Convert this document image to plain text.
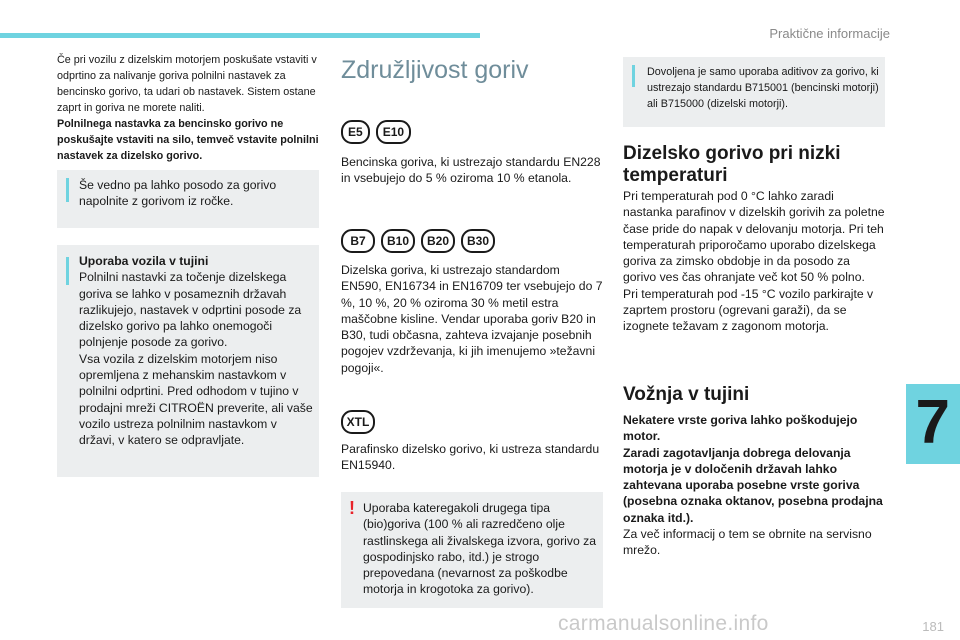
Praktične informacije
7

Če pri vozilu z dizelskim motorjem poskušate vstaviti v odprtino za nalivanje goriva polnilni nastavek za bencinsko gorivo, ta udari ob nastavek. Sistem ostane zaprt in goriva ne morete naliti.

Polnilnega nastavka za bencinsko gorivo ne poskušajte vstaviti na silo, temveč vstavite polnilni nastavek za dizelsko gorivo.

Še vedno pa lahko posodo za gorivo napolnite z gorivom iz ročke.

Uporaba vozila v tujini

Polnilni nastavki za točenje dizelskega goriva se lahko v posameznih državah razlikujejo, nastavek v odprtini posode za dizelsko gorivo pa lahko onemogoči polnjenje posode za gorivo.

Vsa vozila z dizelskim motorjem niso opremljena z mehanskim nastavkom v polnilni odprtini. Pred odhodom v tujino v prodajni mreži CITROËN preverite, ali vaše vozilo ustreza polnilnim nastavkom v državi, v katero se odpravljate.

Združljivost goriv
E5	E10

Bencinska goriva, ki ustrezajo standardu EN228 in vsebujejo do 5 % oziroma 10 % etanola.

B7	B10	B20	B30

Dizelska goriva, ki ustrezajo standardom EN590, EN16734 in EN16709 ter vsebujejo do 7 %, 10 %, 20 % oziroma 30 % metil estra maščobne kisline. Vendar uporaba goriv B20 in B30, tudi občasna, zahteva izvajanje posebnih pogojev vzdrževanja, ki jih imenujemo »težavni pogoji«.

XTL

Parafinsko dizelsko gorivo, ki ustreza standardu EN15940.

! Uporaba kateregakoli drugega tipa (bio)goriva (100 % ali razredčeno olje rastlinskega ali živalskega izvora, gorivo za gospodinjsko rabo, itd.) je strogo prepovedana (nevarnost za poškodbe motorja in krogotoka za gorivo).

Dovoljena je samo uporaba aditivov za gorivo, ki ustrezajo standardu B715001 (bencinski motorji) ali B715000 (dizelski motorji).

Dizelsko gorivo pri nizki temperaturi

Pri temperaturah pod 0 °C lahko zaradi nastanka parafinov v dizelskih gorivih za poletne čase pride do napak v delovanju motorja. Pri teh temperaturah priporočamo uporabo dizelskega goriva za zimsko obdobje in da posodo za gorivo ves čas ohranjate več kot 50 % polno.

Pri temperaturah pod -15 °C vozilo parkirajte v zaprtem prostoru (ogrevani garaži), da se izognete težavam z zagonom motorja.

Vožnja v tujini

Nekatere vrste goriva lahko poškodujejo motor.

Zaradi zagotavljanja dobrega delovanja motorja je v določenih državah lahko zahtevana uporaba posebne vrste goriva (posebna oznaka oktanov, posebna prodajna oznaka itd.).

Za več informacij o tem se obrnite na servisno mrežo.

carmanualsonline.info	181
